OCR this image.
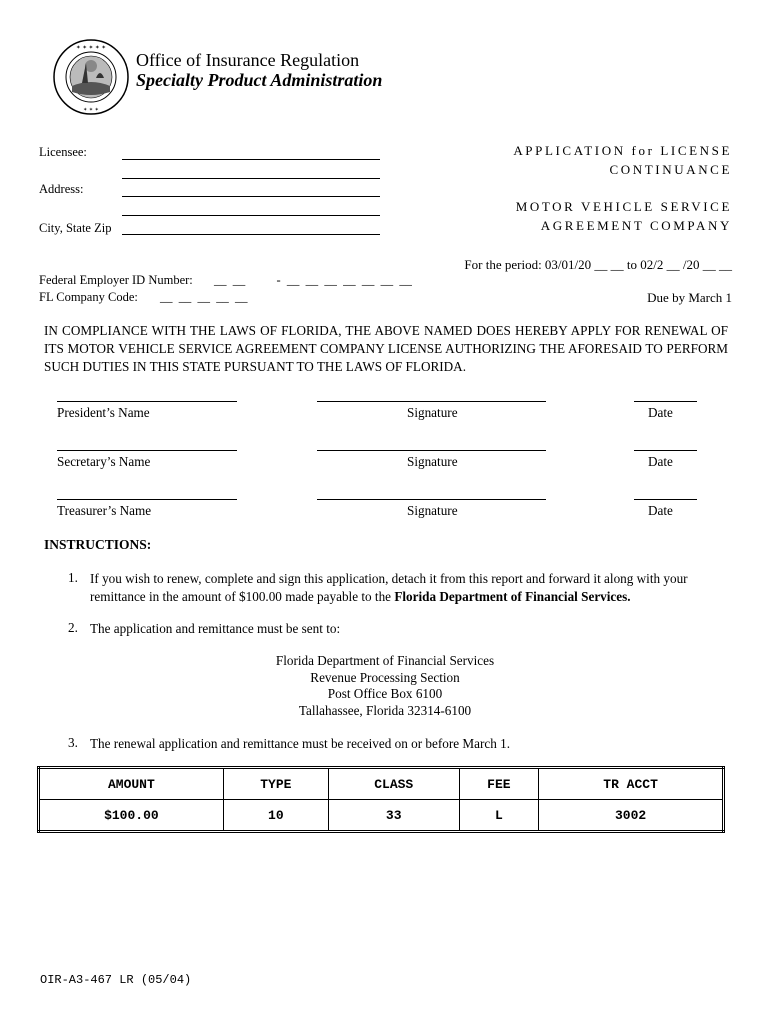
✶ ✶ ✶ ✶ ✶
✶ ✶ ✶
Office of Insurance Regulation
Specialty Product Administration
Licensee:
Address:
City, State Zip
APPLICATION for LICENSE
CONTINUANCE
MOTOR VEHICLE SERVICE
AGREEMENT COMPANY
For the period: 03/01/20 __ __ to 02/2 __ /20 __ __
Federal Employer ID Number: __  __          -  __  __  __  __  __  __  __
FL Company Code: __  __  __  __  __	Due by March 1
IN COMPLIANCE WITH THE LAWS OF FLORIDA, THE ABOVE NAMED DOES HEREBY APPLY FOR RENEWAL OF ITS MOTOR VEHICLE SERVICE AGREEMENT COMPANY LICENSE AUTHORIZING THE AFORESAID TO PERFORM SUCH DUTIES IN THIS STATE PURSUANT TO THE LAWS OF FLORIDA.
President’s Name	Signature	Date
Secretary’s Name	Signature	Date
Treasurer’s Name	Signature	Date
INSTRUCTIONS:
1. If you wish to renew, complete and sign this application, detach it from this report and forward it along with your remittance in the amount of $100.00 made payable to the Florida Department of Financial Services.
2. The application and remittance must be sent to:
Florida Department of Financial Services
Revenue Processing Section
Post Office Box 6100
Tallahassee, Florida 32314-6100
3. The renewal application and remittance must be received on or before March 1.
AMOUNT	TYPE	CLASS	FEE	TR ACCT
$100.00	10	33	L	3002
OIR-A3-467 LR (05/04)
